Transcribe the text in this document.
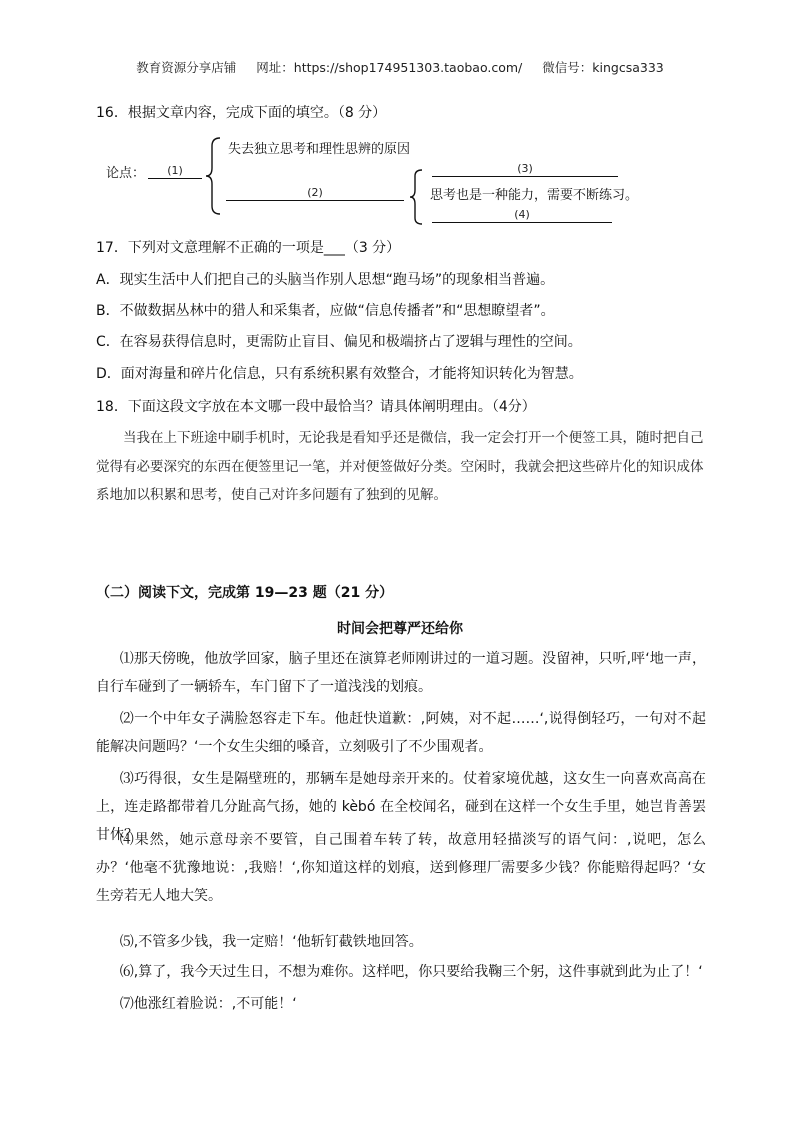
教育资源分享店铺 网址：https://shop174951303.taobao.com/ 微信号：kingcsa333
16．根据文章内容，完成下面的填空。（8 分）
论点：	(1)
失去独立思考和理性思辨的原因
(2)
(3)
思考也是一种能力，需要不断练习。
(4)
17．下列对文意理解不正确的一项是___（3 分）
A．现实生活中人们把自己的头脑当作别人思想“跑马场”的现象相当普遍。
B．不做数据丛林中的猎人和采集者，应做“信息传播者”和“思想瞭望者”。
C．在容易获得信息时，更需防止盲目、偏见和极端挤占了逻辑与理性的空间。
D．面对海量和碎片化信息，只有系统积累有效整合，才能将知识转化为智慧。
18．下面这段文字放在本文哪一段中最恰当？请具体阐明理由。（4分）
当我在上下班途中刷手机时，无论我是看知乎还是微信，我一定会打开一个便签工具，随时把自己觉得有必要深究的东西在便签里记一笔，并对便签做好分类。空闲时，我就会把这些碎片化的知识成体系地加以积累和思考，使自己对许多问题有了独到的见解。
（二）阅读下文，完成第 19—23 题（21 分）
时间会把尊严还给你
⑴那天傍晚，他放学回家，脑子里还在演算老师刚讲过的一道习题。没留神，只听,呯‘地一声，自行车碰到了一辆轿车，车门留下了一道浅浅的划痕。
⑵一个中年女子满脸怒容走下车。他赶快道歉：,阿姨，对不起……‘,说得倒轻巧，一句对不起能解决问题吗？‘一个女生尖细的嗓音，立刻吸引了不少围观者。
⑶巧得很，女生是隔壁班的，那辆车是她母亲开来的。仗着家境优越，这女生一向喜欢高高在上，连走路都带着几分趾高气扬，她的 kèbó 在全校闻名，碰到在这样一个女生手里，她岂肯善罢甘休？
⑷果然，她示意母亲不要管，自己围着车转了转，故意用轻描淡写的语气问：,说吧，怎么办？‘他毫不犹豫地说：,我赔！‘,你知道这样的划痕，送到修理厂需要多少钱？你能赔得起吗？‘女生旁若无人地大笑。
⑸,不管多少钱，我一定赔！‘他斩钉截铁地回答。
⑹,算了，我今天过生日，不想为难你。这样吧，你只要给我鞠三个躬，这件事就到此为止了！‘
⑺他涨红着脸说：,不可能！‘
